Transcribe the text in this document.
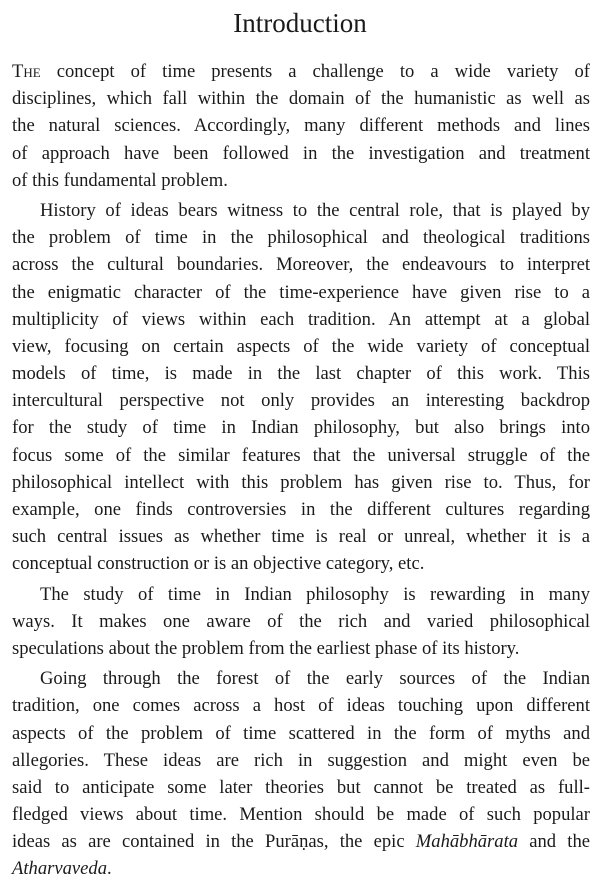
Introduction
The concept of time presents a challenge to a wide variety of
disciplines, which fall within the domain of the humanistic as well as
the natural sciences. Accordingly, many different methods and lines
of approach have been followed in the investigation and treatment
of this fundamental problem.
History of ideas bears witness to the central role, that is played by
the problem of time in the philosophical and theological traditions
across the cultural boundaries. Moreover, the endeavours to interpret
the enigmatic character of the time-experience have given rise to a
multiplicity of views within each tradition. An attempt at a global
view, focusing on certain aspects of the wide variety of conceptual
models of time, is made in the last chapter of this work. This
intercultural perspective not only provides an interesting backdrop
for the study of time in Indian philosophy, but also brings into
focus some of the similar features that the universal struggle of the
philosophical intellect with this problem has given rise to. Thus, for
example, one finds controversies in the different cultures regarding
such central issues as whether time is real or unreal, whether it is a
conceptual construction or is an objective category, etc.
The study of time in Indian philosophy is rewarding in many
ways. It makes one aware of the rich and varied philosophical
speculations about the problem from the earliest phase of its history.
Going through the forest of the early sources of the Indian
tradition, one comes across a host of ideas touching upon different
aspects of the problem of time scattered in the form of myths and
allegories. These ideas are rich in suggestion and might even be
said to anticipate some later theories but cannot be treated as full-
fledged views about time. Mention should be made of such popular
ideas as are contained in the Purāṇas, the epic Mahābhārata and the
Atharvaveda.
